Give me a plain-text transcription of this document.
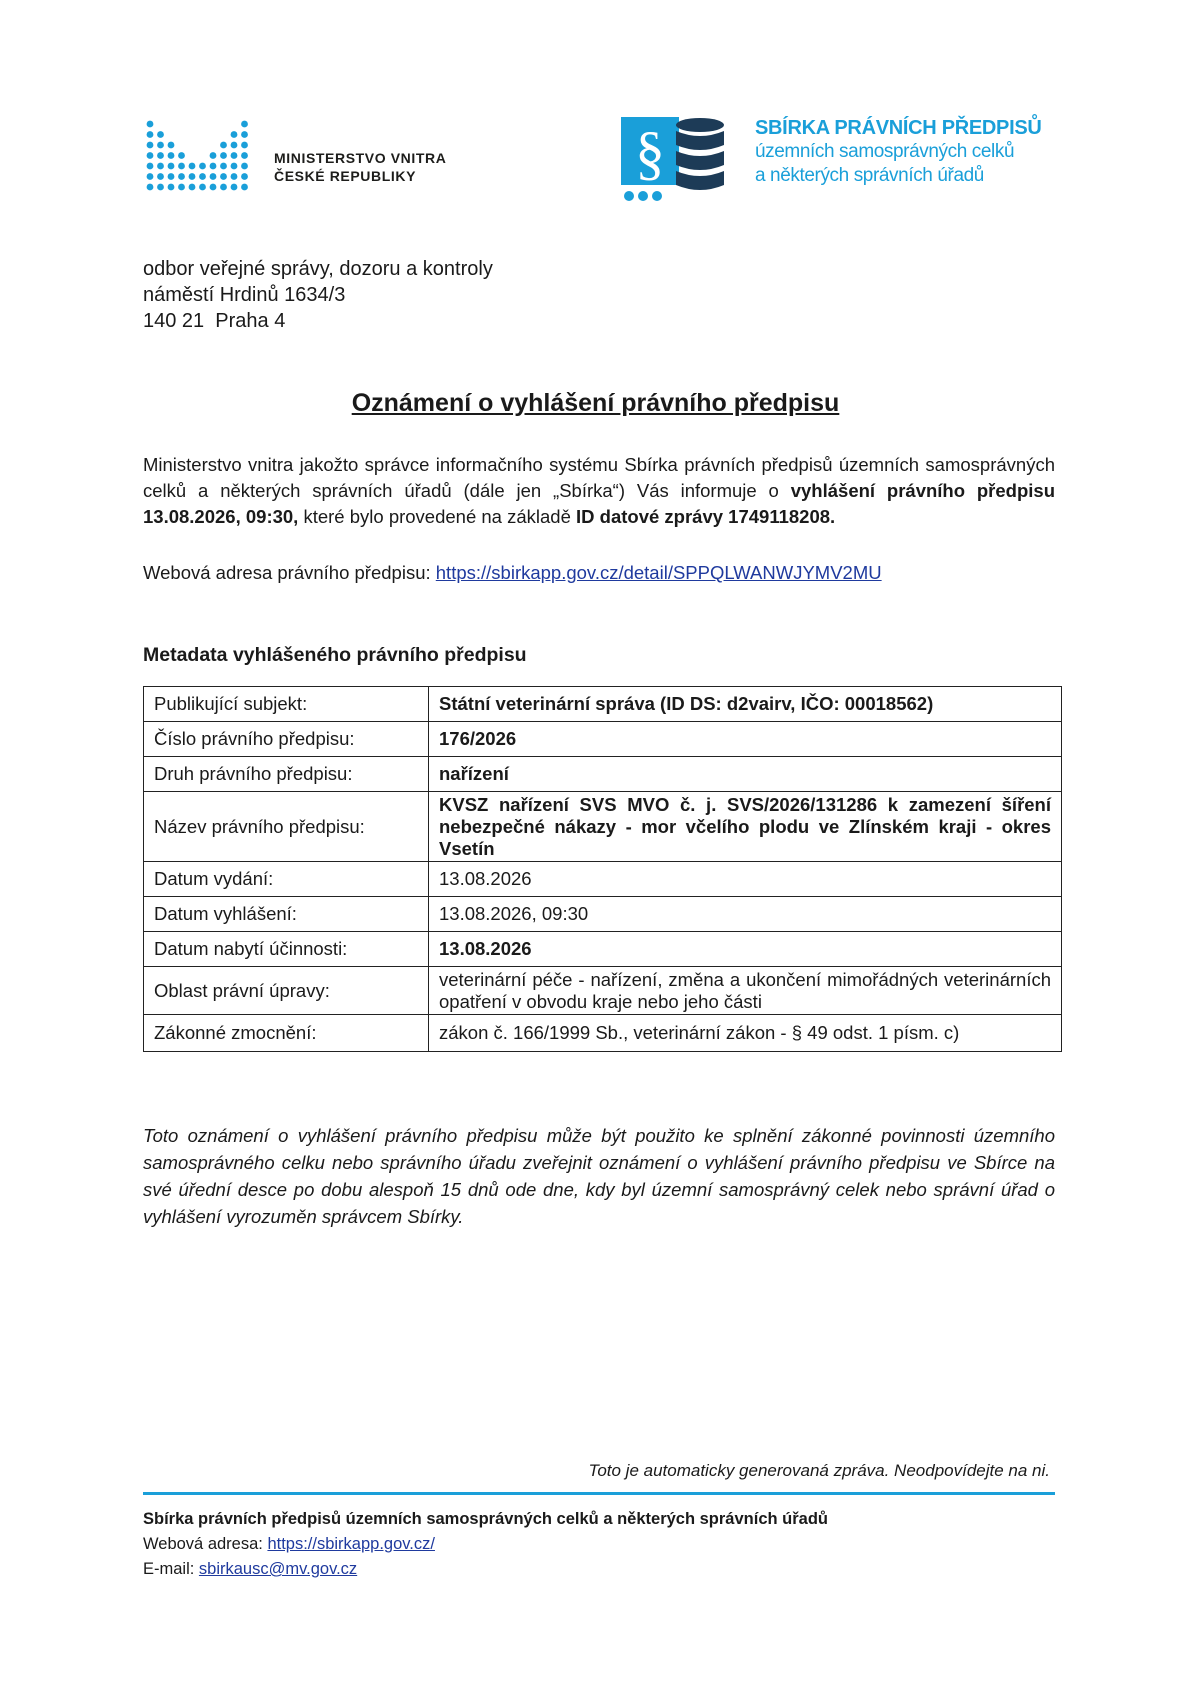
MINISTERSTVO VNITRA
ČESKÉ REPUBLIKY	§	SBÍRKA PRÁVNÍCH PŘEDPISŮ
územních samosprávných celků
a některých správních úřadů
odbor veřejné správy, dozoru a kontroly
náměstí Hrdinů 1634/3
140 21  Praha 4
Oznámení o vyhlášení právního předpisu
Ministerstvo vnitra jakožto správce informačního systému Sbírka právních předpisů územních samosprávných celků a některých správních úřadů (dále jen „Sbírka“) Vás informuje o vyhlášení právního předpisu 13.08.2026, 09:30, které bylo provedené na základě ID datové zprávy 1749118208.
Webová adresa právního předpisu: https://sbirkapp.gov.cz/detail/SPPQLWANWJYMV2MU
Metadata vyhlášeného právního předpisu
Publikující subjekt:	Státní veterinární správa (ID DS: d2vairv, IČO: 00018562)
Číslo právního předpisu:	176/2026
Druh právního předpisu:	nařízení
Název právního předpisu:	KVSZ nařízení SVS MVO č. j. SVS/2026/131286 k zamezení šíření nebezpečné nákazy - mor včelího plodu ve Zlínském kraji - okres Vsetín
Datum vydání:	13.08.2026
Datum vyhlášení:	13.08.2026, 09:30
Datum nabytí účinnosti:	13.08.2026
Oblast právní úpravy:	veterinární péče - nařízení, změna a ukončení mimořádných veterinárních opatření v obvodu kraje nebo jeho části
Zákonné zmocnění:	zákon č. 166/1999 Sb., veterinární zákon - § 49 odst. 1 písm. c)
Toto oznámení o vyhlášení právního předpisu může být použito ke splnění zákonné povinnosti územního samosprávného celku nebo správního úřadu zveřejnit oznámení o vyhlášení právního předpisu ve Sbírce na své úřední desce po dobu alespoň 15 dnů ode dne, kdy byl územní samosprávný celek nebo správní úřad o vyhlášení vyrozuměn správcem Sbírky.
Toto je automaticky generovaná zpráva. Neodpovídejte na ni.
Sbírka právních předpisů územních samosprávných celků a některých správních úřadů
Webová adresa: https://sbirkapp.gov.cz/
E-mail: sbirkausc@mv.gov.cz
